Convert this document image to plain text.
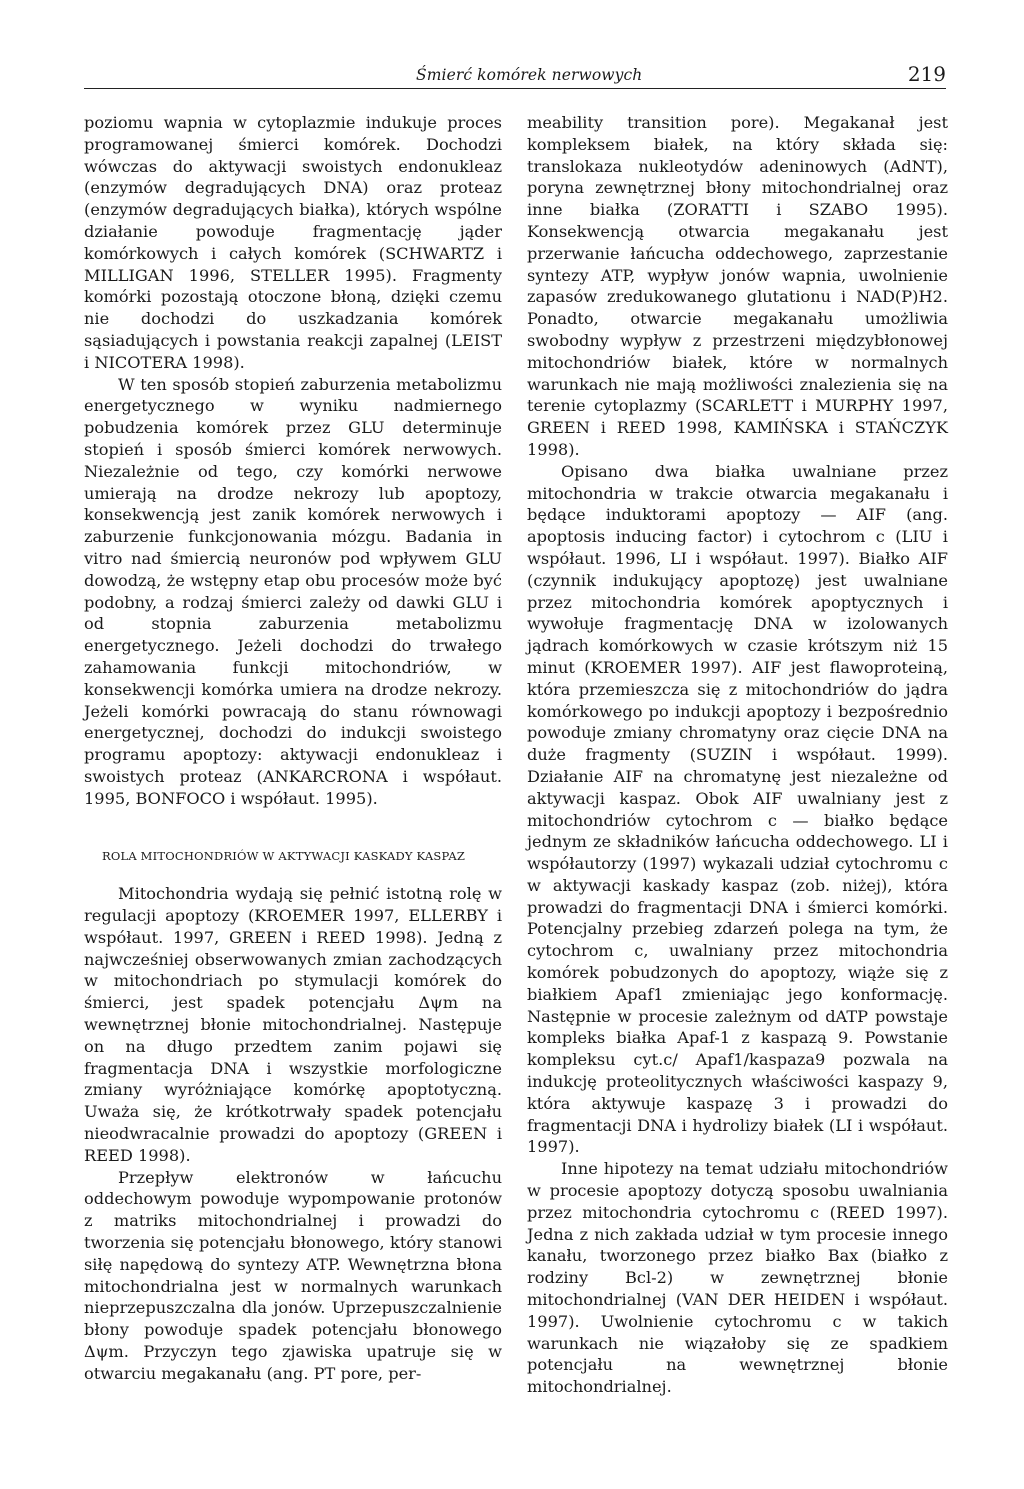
Śmierć komórek nerwowych	219

poziomu wapnia w cytoplazmie indukuje proces programowanej śmierci komórek. Dochodzi wówczas do aktywacji swoistych endonukleaz (enzymów degradujących DNA) oraz proteaz (enzymów degradujących białka), których wspólne działanie powoduje fragmentację jąder komórkowych i całych komórek (SCHWARTZ i MILLIGAN 1996, STELLER 1995). Fragmenty komórki pozostają otoczone błoną, dzięki czemu nie dochodzi do uszkadzania komórek sąsiadujących i powstania reakcji zapalnej (LEIST i NICOTERA 1998).

W ten sposób stopień zaburzenia metabolizmu energetycznego w wyniku nadmiernego pobudzenia komórek przez GLU determinuje stopień i sposób śmierci komórek nerwowych. Niezależnie od tego, czy komórki nerwowe umierają na drodze nekrozy lub apoptozy, konsekwencją jest zanik komórek nerwowych i zaburzenie funkcjonowania mózgu. Badania in vitro nad śmiercią neuronów pod wpływem GLU dowodzą, że wstępny etap obu procesów może być podobny, a rodzaj śmierci zależy od dawki GLU i od stopnia zaburzenia metabolizmu energetycznego. Jeżeli dochodzi do trwałego zahamowania funkcji mitochondriów, w konsekwencji komórka umiera na drodze nekrozy. Jeżeli komórki powracają do stanu równowagi energetycznej, dochodzi do indukcji swoistego programu apoptozy: aktywacji endonukleaz i swoistych proteaz (ANKARCRONA i współaut. 1995, BONFOCO i współaut. 1995).

ROLA MITOCHONDRIÓW W AKTYWACJI KASKADY KASPAZ

Mitochondria wydają się pełnić istotną rolę w regulacji apoptozy (KROEMER 1997, ELLERBY i współaut. 1997, GREEN i REED 1998). Jedną z najwcześniej obserwowanych zmian zachodzących w mitochondriach po stymulacji komórek do śmierci, jest spadek potencjału Δψm na wewnętrznej błonie mitochondrialnej. Następuje on na długo przedtem zanim pojawi się fragmentacja DNA i wszystkie morfologiczne zmiany wyróżniające komórkę apoptotyczną. Uważa się, że krótkotrwały spadek potencjału nieodwracalnie prowadzi do apoptozy (GREEN i REED 1998).

Przepływ elektronów w łańcuchu oddechowym powoduje wypompowanie protonów z matriks mitochondrialnej i prowadzi do tworzenia się potencjału błonowego, który stanowi siłę napędową do syntezy ATP. Wewnętrzna błona mitochondrialna jest w normalnych warunkach nieprzepuszczalna dla jonów. Uprzepuszczalnienie błony powoduje spadek potencjału błonowego Δψm. Przyczyn tego zjawiska upatruje się w otwarciu megakanału (ang. PT pore, per-

meability transition pore). Megakanał jest kompleksem białek, na który składa się: translokaza nukleotydów adeninowych (AdNT), poryna zewnętrznej błony mitochondrialnej oraz inne białka (ZORATTI i SZABO 1995). Konsekwencją otwarcia megakanału jest przerwanie łańcucha oddechowego, zaprzestanie syntezy ATP, wypływ jonów wapnia, uwolnienie zapasów zredukowanego glutationu i NAD(P)H2. Ponadto, otwarcie megakanału umożliwia swobodny wypływ z przestrzeni międzybłonowej mitochondriów białek, które w normalnych warunkach nie mają możliwości znalezienia się na terenie cytoplazmy (SCARLETT i MURPHY 1997, GREEN i REED 1998, KAMIŃSKA i STAŃCZYK 1998).

Opisano dwa białka uwalniane przez mitochondria w trakcie otwarcia megakanału i będące induktorami apoptozy — AIF (ang. apoptosis inducing factor) i cytochrom c (LIU i współaut. 1996, LI i współaut. 1997). Białko AIF (czynnik indukujący apoptozę) jest uwalniane przez mitochondria komórek apoptycznych i wywołuje fragmentację DNA w izolowanych jądrach komórkowych w czasie krótszym niż 15 minut (KROEMER 1997). AIF jest flawoproteiną, która przemieszcza się z mitochondriów do jądra komórkowego po indukcji apoptozy i bezpośrednio powoduje zmiany chromatyny oraz cięcie DNA na duże fragmenty (SUZIN i współaut. 1999). Działanie AIF na chromatynę jest niezależne od aktywacji kaspaz. Obok AIF uwalniany jest z mitochondriów cytochrom c — białko będące jednym ze składników łańcucha oddechowego. LI i współautorzy (1997) wykazali udział cytochromu c w aktywacji kaskady kaspaz (zob. niżej), która prowadzi do fragmentacji DNA i śmierci komórki. Potencjalny przebieg zdarzeń polega na tym, że cytochrom c, uwalniany przez mitochondria komórek pobudzonych do apoptozy, wiąże się z białkiem Apaf1 zmieniając jego konformację. Następnie w procesie zależnym od dATP powstaje kompleks białka Apaf-1 z kaspazą 9. Powstanie kompleksu cyt.c/ Apaf1/kaspaza9 pozwala na indukcję proteolitycznych właściwości kaspazy 9, która aktywuje kaspazę 3 i prowadzi do fragmentacji DNA i hydrolizy białek (LI i współaut. 1997).

Inne hipotezy na temat udziału mitochondriów w procesie apoptozy dotyczą sposobu uwalniania przez mitochondria cytochromu c (REED 1997). Jedna z nich zakłada udział w tym procesie innego kanału, tworzonego przez białko Bax (białko z rodziny Bcl-2) w zewnętrznej błonie mitochondrialnej (VAN DER HEIDEN i współaut. 1997). Uwolnienie cytochromu c w takich warunkach nie wiązałoby się ze spadkiem potencjału na wewnętrznej błonie mitochondrialnej.
